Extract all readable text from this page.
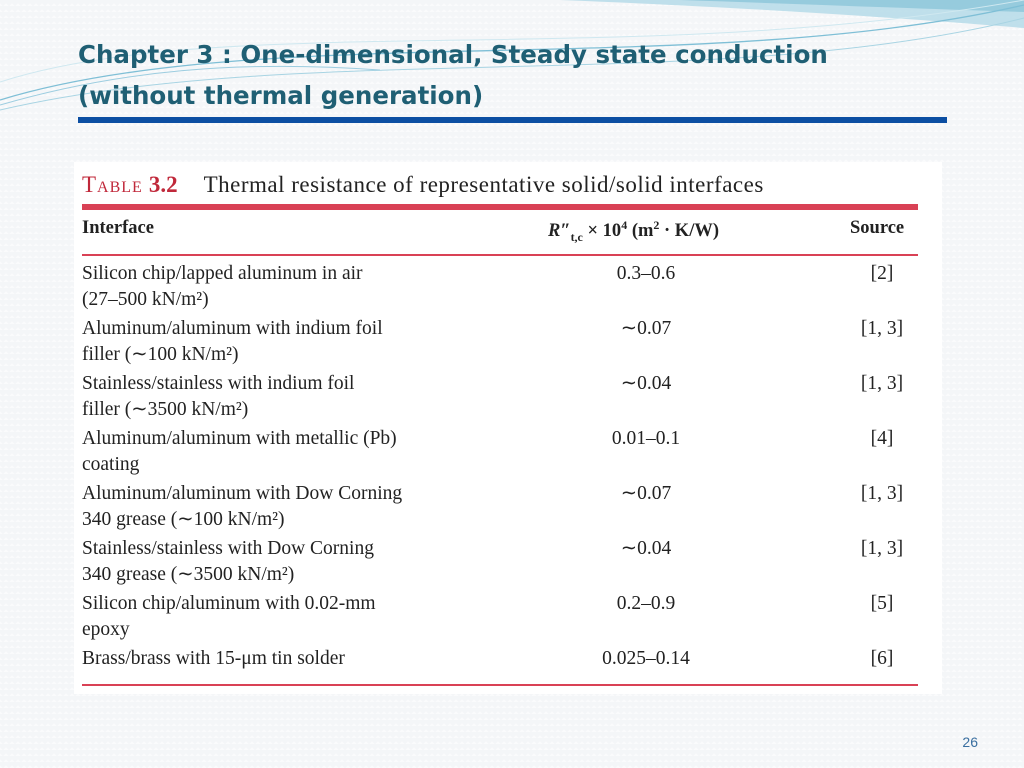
Chapter 3 : One-dimensional, Steady state conduction
(without thermal generation)
Table 3.2 Thermal resistance of representative solid/solid interfaces
Interface	$R''_{t,c} \times 10^4$ $(m^2 \cdot K/W)$	Source
Silicon chip/lapped aluminum in air
(27–500 kN/m²)
0.3–0.6	[2]
Aluminum/aluminum with indium foil
filler (∼100 kN/m²)
∼0.07	[1, 3]
Stainless/stainless with indium foil
filler (∼3500 kN/m²)
∼0.04	[1, 3]
Aluminum/aluminum with metallic (Pb)
coating
0.01–0.1	[4]
Aluminum/aluminum with Dow Corning
340 grease (∼100 kN/m²)
∼0.07	[1, 3]
Stainless/stainless with Dow Corning
340 grease (∼3500 kN/m²)
∼0.04	[1, 3]
Silicon chip/aluminum with 0.02-mm
epoxy
0.2–0.9	[5]
Brass/brass with 15-μm tin solder	0.025–0.14	[6]
26
